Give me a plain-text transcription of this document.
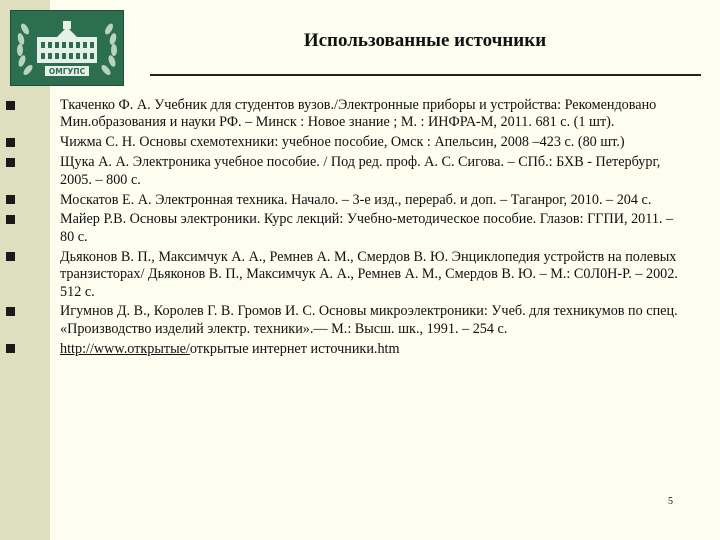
ОМГУПС
Использованные источники
Ткаченко Ф. А. Учебник для студентов вузов./Электронные приборы и устройства: Рекомендовано Мин.образования и науки РФ. – Минск : Новое знание ; М. : ИНФРА-М, 2011. 681 с. (1 шт).
Чижма С. Н. Основы схемотехники: учебное пособие, Омск : Апельсин, 2008 –423 с. (80 шт.)
Щука А. А. Электроника учебное пособие. / Под ред. проф. А. С. Сигова. – СПб.: БХВ - Петербург, 2005. – 800 с.
Москатов Е. А. Электронная техника. Начало. – 3-е изд., перераб. и доп. – Таганрог, 2010. – 204 с.
Майер Р.В. Основы электроники. Курс лекций: Учебно-методическое пособие. Глазов: ГГПИ, 2011. – 80 с.
Дьяконов В. П., Максимчук А. А., Ремнев А. М., Смердов В. Ю. Энциклопедия устройств на полевых транзисторах/ Дьяконов В. П., Максимчук А. А., Ремнев А. М., Смердов В. Ю. – М.: С0Л0Н-Р. – 2002. 512 с.
Игумнов Д. В., Королев Г. В. Громов И. С. Основы микроэлектроники: Учеб. для техникумов по спец. «Производство изделий электр. техники».— М.: Высш. шк., 1991. – 254 с.
http://www.открытые/открытые интернет источники.htm
5
